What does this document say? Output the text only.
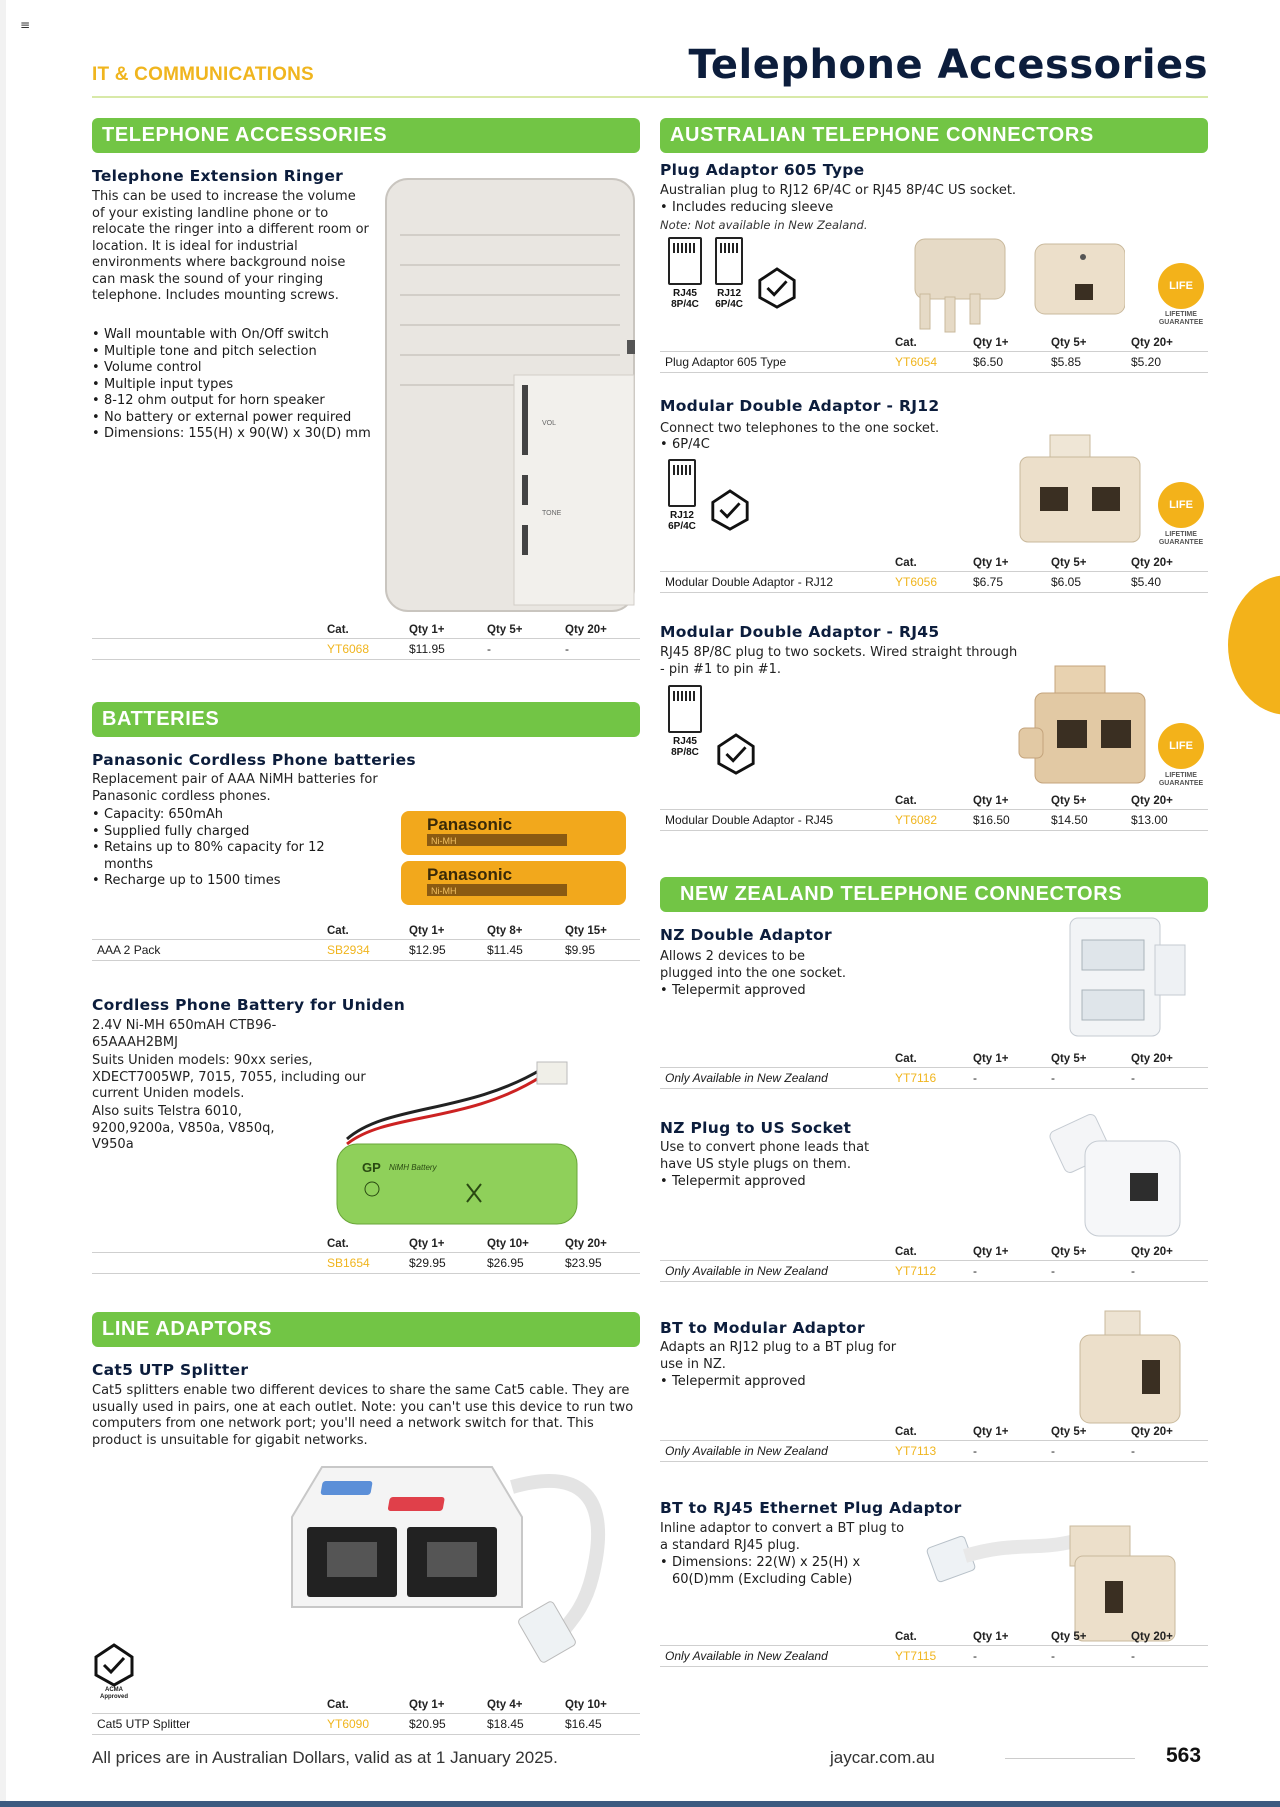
≡
IT & COMMUNICATIONS	Telephone Accessories
TELEPHONE ACCESSORIES
Telephone Extension Ringer
This can be used to increase the volume of your existing landline phone or to relocate the ringer into a different room or location. It is ideal for industrial environments where background noise can mask the sound of your ringing telephone. Includes mounting screws.
• Wall mountable with On/Off switch
• Multiple tone and pitch selection
• Volume control
• Multiple input types
• 8-12 ohm output for horn speaker
• No battery or external power required
• Dimensions: 155(H) x 90(W) x 30(D) mm
VOL
TONE
	Cat.	Qty 1+	Qty 5+	Qty 20+
	YT6068	$11.95	-	-
BATTERIES
Panasonic Cordless Phone batteries
Replacement pair of AAA NiMH batteries for Panasonic cordless phones.
• Capacity: 650mAh
• Supplied fully charged
• Retains up to 80% capacity for 12 months
• Recharge up to 1500 times
Panasonic
Panasonic
Ni-MH
Ni-MH
	Cat.	Qty 1+	Qty 8+	Qty 15+
AAA 2 Pack	SB2934	$12.95	$11.45	$9.95
Cordless Phone Battery for Uniden
2.4V Ni-MH 650mAH CTB96-65AAAH2BMJ
Suits Uniden models: 90xx series, XDECT7005WP, 7015, 7055, including our current Uniden models.
Also suits Telstra 6010, 9200,9200a, V850a, V850q, V950a
GP NiMH Battery
	Cat.	Qty 1+	Qty 10+	Qty 20+
	SB1654	$29.95	$26.95	$23.95
LINE ADAPTORS
Cat5 UTP Splitter
Cat5 splitters enable two different devices to share the same Cat5 cable. They are usually used in pairs, one at each outlet. Note: you can't use this device to run two computers from one network port; you'll need a network switch for that. This product is unsuitable for gigabit networks.
ACMA Approved
	Cat.	Qty 1+	Qty 4+	Qty 10+
Cat5 UTP Splitter	YT6090	$20.95	$18.45	$16.45
AUSTRALIAN TELEPHONE CONNECTORS
Plug Adaptor 605 Type
Australian plug to RJ12 6P/4C or RJ45 8P/4C US socket.
• Includes reducing sleeve
Note: Not available in New Zealand.
RJ45
8P/4C
RJ12
6P/4C
LIFE
LIFETIME GUARANTEE
	Cat.	Qty 1+	Qty 5+	Qty 20+
Plug Adaptor 605 Type	YT6054	$6.50	$5.85	$5.20
Modular Double Adaptor - RJ12
Connect two telephones to the one socket.
• 6P/4C
RJ12
6P/4C
LIFE
LIFETIME GUARANTEE
	Cat.	Qty 1+	Qty 5+	Qty 20+
Modular Double Adaptor - RJ12	YT6056	$6.75	$6.05	$5.40
Modular Double Adaptor - RJ45
RJ45 8P/8C plug to two sockets. Wired straight through - pin #1 to pin #1.
RJ45
8P/8C
LIFE
LIFETIME GUARANTEE
	Cat.	Qty 1+	Qty 5+	Qty 20+
Modular Double Adaptor - RJ45	YT6082	$16.50	$14.50	$13.00
NEW ZEALAND TELEPHONE CONNECTORS
NZ Double Adaptor
Allows 2 devices to be plugged into the one socket.
• Telepermit approved
	Cat.	Qty 1+	Qty 5+	Qty 20+
Only Available in New Zealand	YT7116	-	-	-
NZ Plug to US Socket
Use to convert phone leads that have US style plugs on them.
• Telepermit approved
	Cat.	Qty 1+	Qty 5+	Qty 20+
Only Available in New Zealand	YT7112	-	-	-
BT to Modular Adaptor
Adapts an RJ12 plug to a BT plug for use in NZ.
• Telepermit approved
	Cat.	Qty 1+	Qty 5+	Qty 20+
Only Available in New Zealand	YT7113	-	-	-
BT to RJ45 Ethernet Plug Adaptor
Inline adaptor to convert a BT plug to a standard RJ45 plug.
• Dimensions: 22(W) x 25(H) x 60(D)mm (Excluding Cable)
	Cat.	Qty 1+	Qty 5+	Qty 20+
Only Available in New Zealand	YT7115	-	-	-
All prices are in Australian Dollars, valid as at 1 January 2025.	jaycar.com.au	563
